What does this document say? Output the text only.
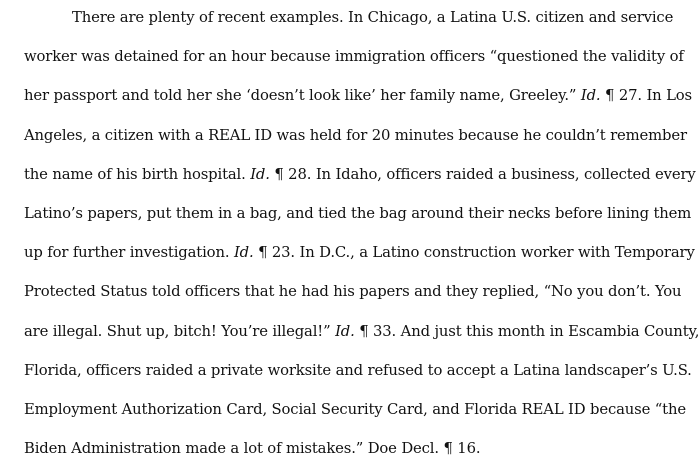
There are plenty of recent examples. In Chicago, a Latina U.S. citizen and service
worker was detained for an hour because immigration officers “questioned the validity of
her passport and told her she ‘doesn’t look like’ her family name, Greeley.” Id. ¶ 27. In Los
Angeles, a citizen with a REAL ID was held for 20 minutes because he couldn’t remember
the name of his birth hospital. Id. ¶ 28. In Idaho, officers raided a business, collected every
Latino’s papers, put them in a bag, and tied the bag around their necks before lining them
up for further investigation. Id. ¶ 23. In D.C., a Latino construction worker with Temporary
Protected Status told officers that he had his papers and they replied, “No you don’t. You
are illegal. Shut up, bitch! You’re illegal!” Id. ¶ 33. And just this month in Escambia County,
Florida, officers raided a private worksite and refused to accept a Latina landscaper’s U.S.
Employment Authorization Card, Social Security Card, and Florida REAL ID because “the
Biden Administration made a lot of mistakes.” Doe Decl. ¶ 16.
